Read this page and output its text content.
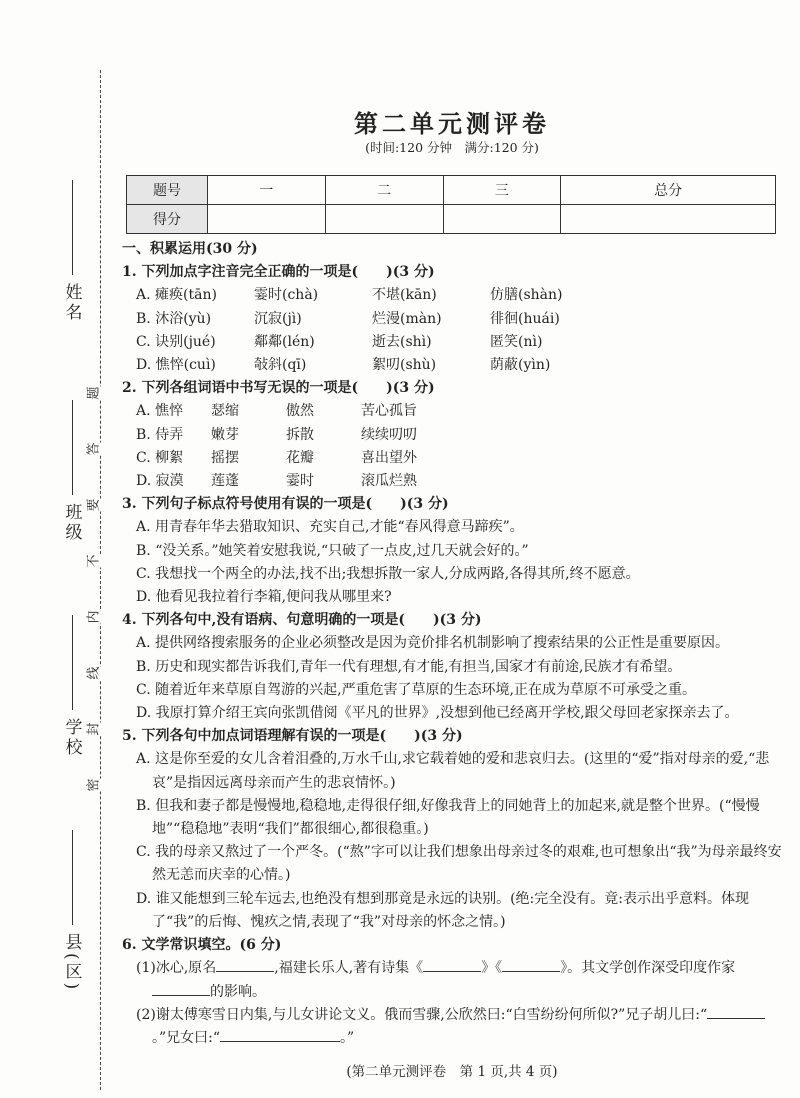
姓名
班级
学校
县(区)
题
答
要
不
内
线
封
密
第二单元测评卷
(时间:120 分钟　满分:120 分)
题号	一	二	三	总分
得分				
一、积累运用(30 分)
1. 下列加点字注音完全正确的一项是(　　)(3 分)
A. 瘫痪(tān)	霎时(chà)	不堪(kān)	仿膳(shàn)
B. 沐浴(yù)	沉寂(jì)	烂漫(màn)	徘徊(huái)
C. 诀别(jué)	鄰鄰(lén)	逝去(shì)	匿笑(nì)
D. 憔悴(cuì)	敧斜(qī)	絮叨(shù)	荫蔽(yìn)
2. 下列各组词语中书写无误的一项是(　　)(3 分)
A. 憔悴	瑟缩	傲然	苦心孤旨
B. 侍弄	嫩芽	拆散	续续叨叨
C. 柳絮	摇摆	花瓣	喜出望外
D. 寂漠	莲蓬	霎时	滚瓜烂熟
3. 下列句子标点符号使用有误的一项是(　　)(3 分)
A. 用青春年华去猎取知识、充实自己,才能“春风得意马蹄疾”。
B. “没关系。”她笑着安慰我说,“只破了一点皮,过几天就会好的。”
C. 我想找一个两全的办法,找不出;我想拆散一家人,分成两路,各得其所,终不愿意。
D. 他看见我拉着行李箱,便问我从哪里来?
4. 下列各句中,没有语病、句意明确的一项是(　　)(3 分)
A. 提供网络搜索服务的企业必须整改是因为竞价排名机制影响了搜索结果的公正性是重要原因。
B. 历史和现实都告诉我们,青年一代有理想,有才能,有担当,国家才有前途,民族才有希望。
C. 随着近年来草原自驾游的兴起,严重危害了草原的生态环境,正在成为草原不可承受之重。
D. 我原打算介绍王宾向张凯借阅《平凡的世界》,没想到他已经离开学校,跟父母回老家探亲去了。
5. 下列各句中加点词语理解有误的一项是(　　)(3 分)
A. 这是你至爱的女儿含着泪叠的,万水千山,求它载着她的爱和悲哀归去。(这里的“爱”指对母亲的爱,“悲哀”是指因远离母亲而产生的悲哀情怀。)
B. 但我和妻子都是慢慢地,稳稳地,走得很仔细,好像我背上的同她背上的加起来,就是整个世界。(“慢慢地”“稳稳地”表明“我们”都很细心,都很稳重。)
C. 我的母亲又熬过了一个严冬。(“熬”字可以让我们想象出母亲过冬的艰难,也可想象出“我”为母亲最终安然无恙而庆幸的心情。)
D. 谁又能想到三轮车远去,也绝没有想到那竟是永远的诀别。(绝:完全没有。竟:表示出乎意料。体现了“我”的后悔、愧疚之情,表现了“我”对母亲的怀念之情。)
6. 文学常识填空。(6 分)
(1)冰心,原名	,福建长乐人,著有诗集《	》《	》。其文学创作深受印度作家的影响。
(2)谢太傅寒雪日内集,与儿女讲论文义。俄而雪骤,公欣然曰:“白雪纷纷何所似?”兄子胡儿曰:“。”兄女曰:“	。”
(第二单元测评卷　第 1 页,共 4 页)
